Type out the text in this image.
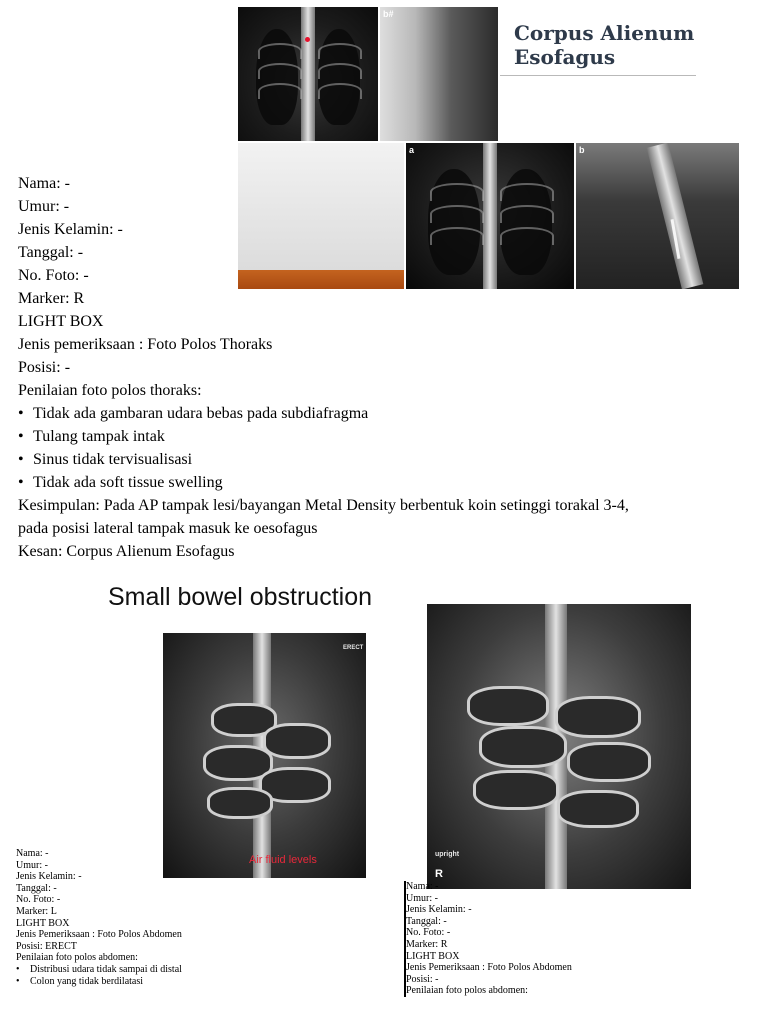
b#
Corpus Alienum
Esofagus
a	b
Nama: -
Umur: -
Jenis Kelamin: -
Tanggal: -
No. Foto: -
Marker: R
LIGHT BOX
Jenis pemeriksaan : Foto Polos Thoraks
Posisi: -
Penilaian foto polos thoraks:
• Tidak ada gambaran udara bebas pada subdiafragma
• Tulang tampak intak
• Sinus tidak tervisualisasi
• Tidak ada soft tissue swelling
Kesimpulan: Pada AP tampak lesi/bayangan Metal Density berbentuk koin setinggi torakal 3-4,
pada posisi lateral tampak masuk ke oesofagus
Kesan: Corpus Alienum Esofagus
Small bowel obstruction
ERECT
Air fluid levels	upright
R
Nama: -
Umur: -
Jenis Kelamin: -
Tanggal: -
No. Foto: -
Marker: L
LIGHT BOX
Jenis Pemeriksaan : Foto Polos Abdomen
Posisi: ERECT
Penilaian foto polos abdomen:
• Distribusi udara tidak sampai di distal
• Colon yang tidak berdilatasi
Nama: -
Umur: -
Jenis Kelamin: -
Tanggal: -
No. Foto: -
Marker: R
LIGHT BOX
Jenis Pemeriksaan : Foto Polos Abdomen
Posisi: -
Penilaian foto polos abdomen:
